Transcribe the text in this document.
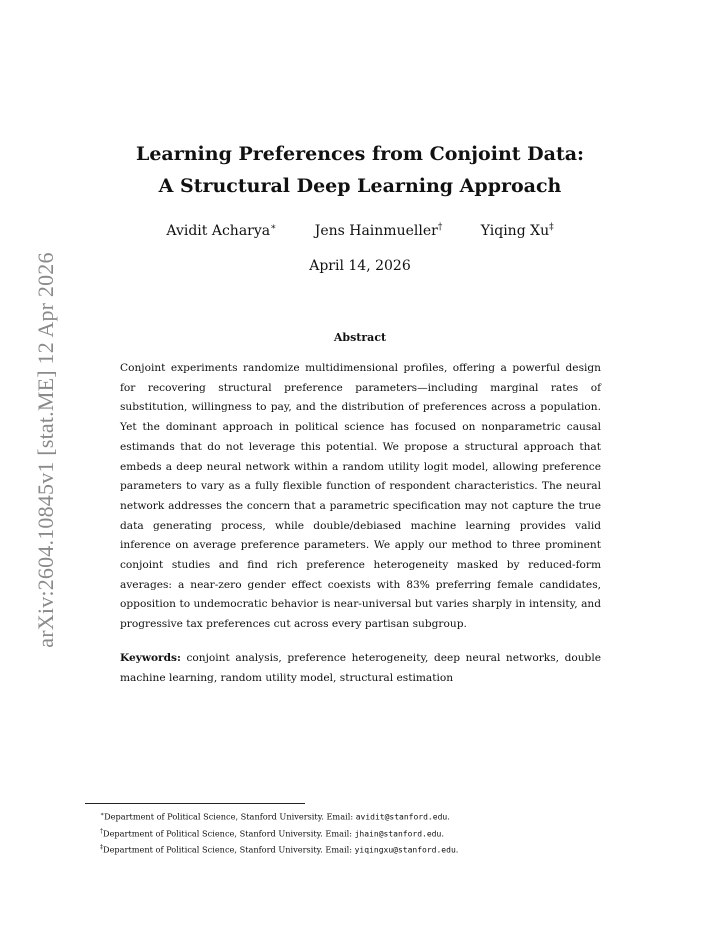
arXiv:2604.10845v1 [stat.ME] 12 Apr 2026
Learning Preferences from Conjoint Data:
A Structural Deep Learning Approach
Avidit Acharya∗	Jens Hainmueller†	Yiqing Xu‡
April 14, 2026
Abstract
Conjoint experiments randomize multidimensional profiles, offering a powerful design for recovering structural preference parameters—including marginal rates of substitution, willingness to pay, and the distribution of preferences across a population. Yet the dominant approach in political science has focused on nonparametric causal estimands that do not leverage this potential. We propose a structural approach that embeds a deep neural network within a random utility logit model, allowing preference parameters to vary as a fully flexible function of respondent characteristics. The neural network addresses the concern that a parametric specification may not capture the true data generating process, while double/debiased machine learning provides valid inference on average preference parameters. We apply our method to three prominent conjoint studies and find rich preference heterogeneity masked by reduced-form averages: a near-zero gender effect coexists with 83% preferring female candidates, opposition to undemocratic behavior is near-universal but varies sharply in intensity, and progressive tax preferences cut across every partisan subgroup.
Keywords: conjoint analysis, preference heterogeneity, deep neural networks, double machine learning, random utility model, structural estimation
∗Department of Political Science, Stanford University. Email: avidit@stanford.edu.
†Department of Political Science, Stanford University. Email: jhain@stanford.edu.
‡Department of Political Science, Stanford University. Email: yiqingxu@stanford.edu.
